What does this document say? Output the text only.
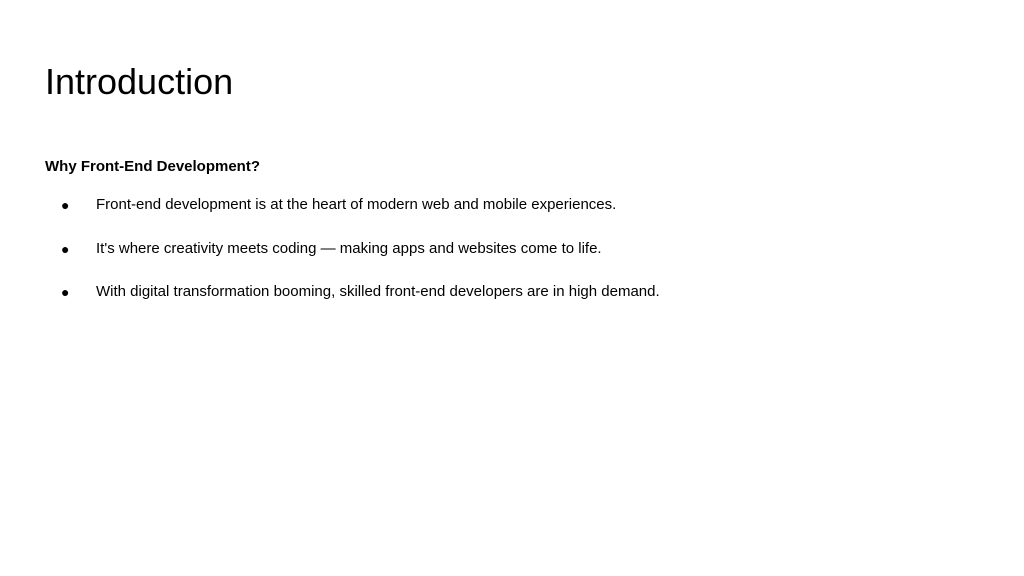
Introduction
Why Front-End Development?
● Front-end development is at the heart of modern web and mobile experiences.
● It's where creativity meets coding — making apps and websites come to life.
● With digital transformation booming, skilled front-end developers are in high demand.
